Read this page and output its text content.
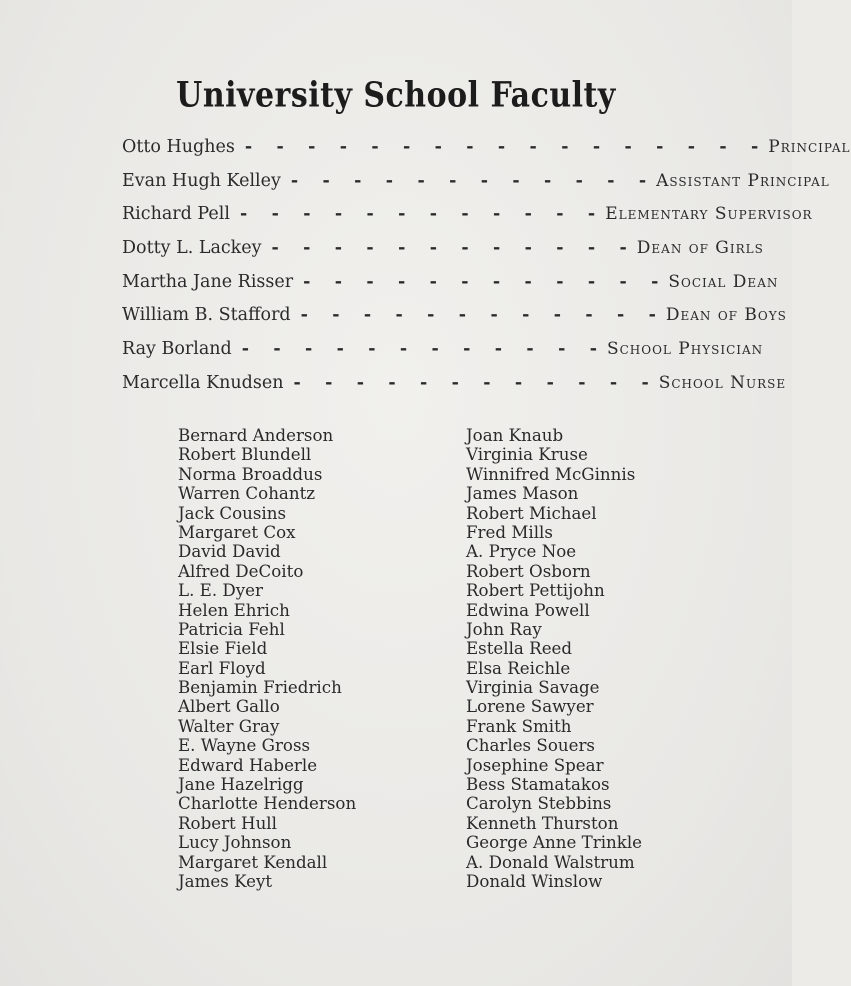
University School Faculty
Otto Hughes -    -    -    -    -    -    -    -    -    -    -    -    -    -    -    -    - Principal
Evan Hugh Kelley -    -    -    -    -    -    -    -    -    -    -    - Assistant Principal
Richard Pell -    -    -    -    -    -    -    -    -    -    -    - Elementary Supervisor
Dotty L. Lackey -    -    -    -    -    -    -    -    -    -    -    - Dean of Girls
Martha Jane Risser -    -    -    -    -    -    -    -    -    -    -    - Social Dean
William B. Stafford -    -    -    -    -    -    -    -    -    -    -    - Dean of Boys
Ray Borland -    -    -    -    -    -    -    -    -    -    -    - School Physician
Marcella Knudsen -    -    -    -    -    -    -    -    -    -    -    - School Nurse
Bernard Anderson
Robert Blundell
Norma Broaddus
Warren Cohantz
Jack Cousins
Margaret Cox
David David
Alfred DeCoito
L. E. Dyer
Helen Ehrich
Patricia Fehl
Elsie Field
Earl Floyd
Benjamin Friedrich
Albert Gallo
Walter Gray
E. Wayne Gross
Edward Haberle
Jane Hazelrigg
Charlotte Henderson
Robert Hull
Lucy Johnson
Margaret Kendall
James Keyt
Joan Knaub
Virginia Kruse
Winnifred McGinnis
James Mason
Robert Michael
Fred Mills
A. Pryce Noe
Robert Osborn
Robert Pettijohn
Edwina Powell
John Ray
Estella Reed
Elsa Reichle
Virginia Savage
Lorene Sawyer
Frank Smith
Charles Souers
Josephine Spear
Bess Stamatakos
Carolyn Stebbins
Kenneth Thurston
George Anne Trinkle
A. Donald Walstrum
Donald Winslow
